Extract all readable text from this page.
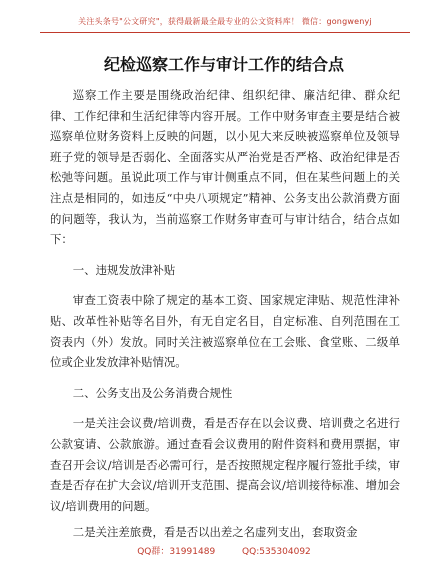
关注头条号"公文研究"，获得最新最全最专业的公文资料库！ 微信：gongwenyj
纪检巡察工作与审计工作的结合点

巡察工作主要是围绕政治纪律、组织纪律、廉洁纪律、群众纪律、工作纪律和生活纪律等内容开展。工作中财务审查主要是结合被巡察单位财务资料上反映的问题，以小见大来反映被巡察单位及领导班子党的领导是否弱化、全面落实从严治党是否严格、政治纪律是否松弛等问题。虽说此项工作与审计侧重点不同，但在某些问题上的关注点是相同的，如违反“中央八项规定”精神、公务支出公款消费方面的问题等，我认为，当前巡察工作财务审查可与审计结合，结合点如下：

一、违规发放津补贴

审查工资表中除了规定的基本工资、国家规定津贴、规范性津补贴、改革性补贴等名目外，有无自定名目，自定标准、自列范围在工资表内（外）发放。同时关注被巡察单位在工会账、食堂账、二级单位或企业发放津补贴情况。

二、公务支出及公务消费合规性

一是关注会议费/培训费，看是否存在以会议费、培训费之名进行公款宴请、公款旅游。通过查看会议费用的附件资料和费用票据，审查召开会议/培训是否必需可行，是否按照规定程序履行签批手续，审查是否存在扩大会议/培训开支范围、提高会议/培训接待标准、增加会议/培训费用的问题。

二是关注差旅费，看是否以出差之名虚列支出，套取资金

QQ群：31991489	QQ:535304092
